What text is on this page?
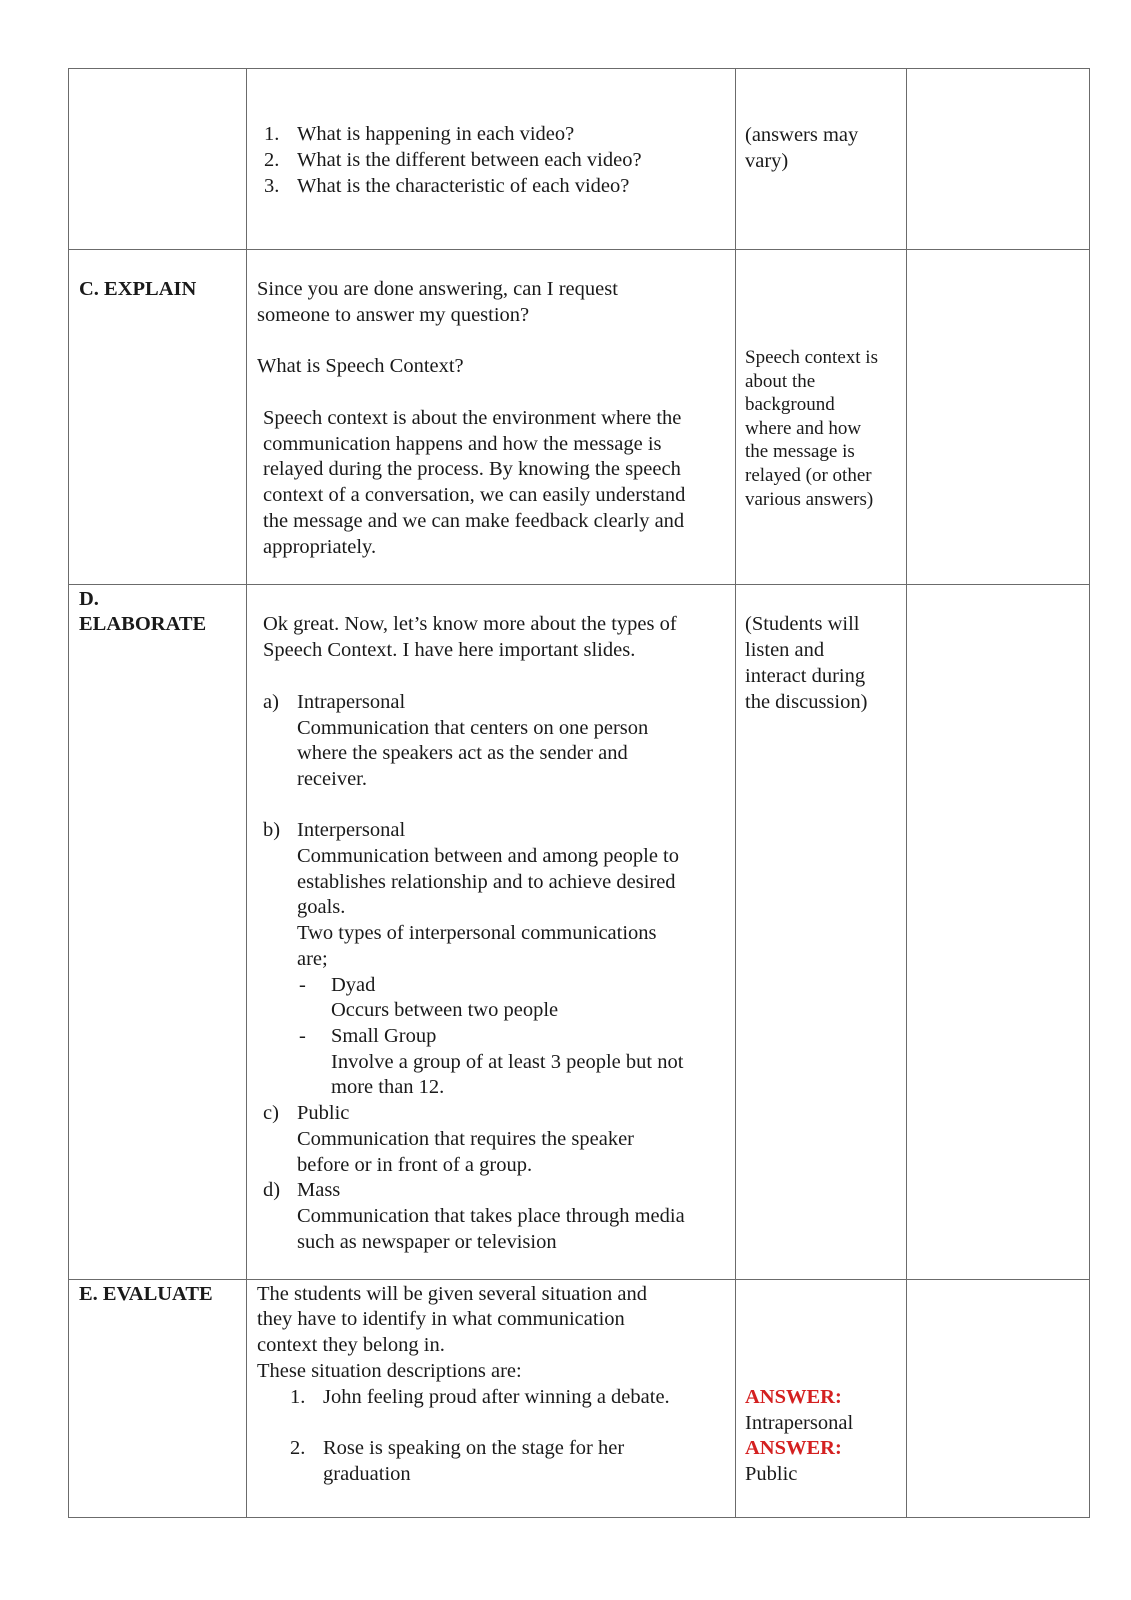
1. What is happening in each video?
2. What is the different between each video?
3. What is the characteristic of each video?
(answers may
vary)
C. EXPLAIN	Since you are done answering, can I request
someone to answer my question?
What is Speech Context?
Speech context is about the environment where the
communication happens and how the message is
relayed during the process. By knowing the speech
context of a conversation, we can easily understand
the message and we can make feedback clearly and
appropriately.
Speech context is
about the
background
where and how
the message is
relayed (or other
various answers)
D.
ELABORATE	Ok great. Now, let’s know more about the types of
Speech Context. I have here important slides.
a) Intrapersonal
Communication that centers on one person
where the speakers act as the sender and
receiver.
b) Interpersonal
Communication between and among people to
establishes relationship and to achieve desired
goals.
Two types of interpersonal communications
are;
- Dyad
Occurs between two people
- Small Group
Involve a group of at least 3 people but not
more than 12.
c) Public
Communication that requires the speaker
before or in front of a group.
d) Mass
Communication that takes place through media
such as newspaper or television
(Students will
listen and
interact during
the discussion)
E. EVALUATE The students will be given several situation and
they have to identify in what communication
context they belong in.
These situation descriptions are:
1. John feeling proud after winning a debate.
2. Rose is speaking on the stage for her
graduation
ANSWER:
Intrapersonal
ANSWER:
Public
